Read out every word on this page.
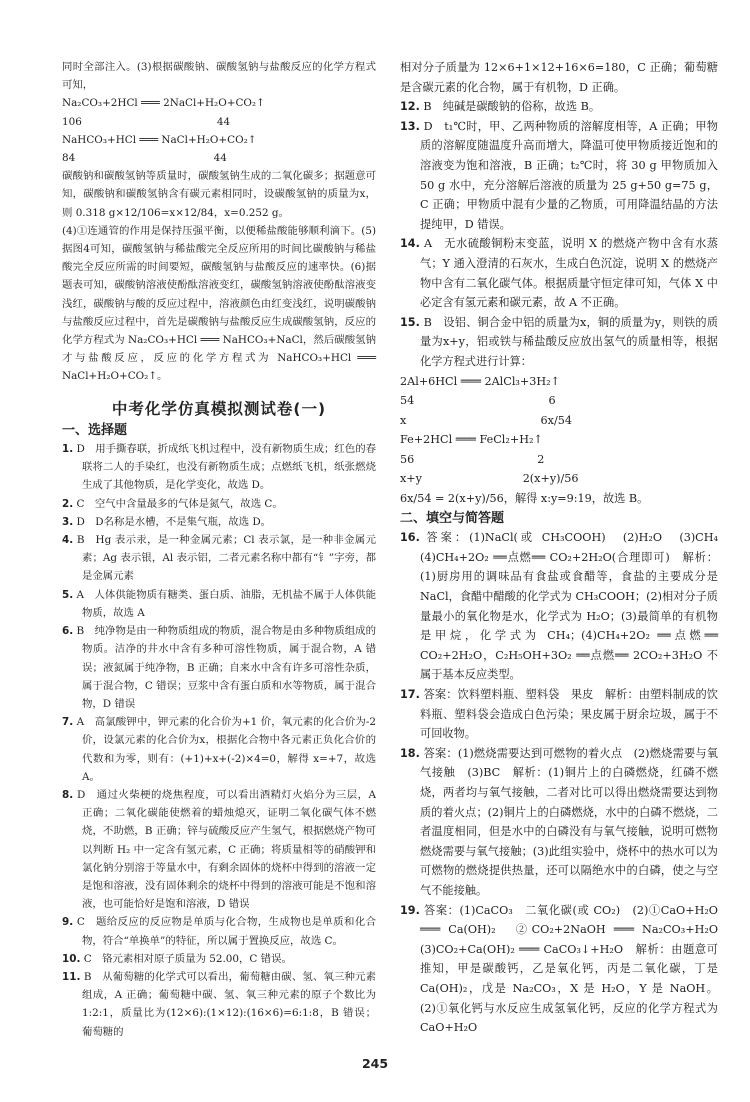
同时全部注入。(3)根据碳酸钠、碳酸氢钠与盐酸反应的化学方程式可知，

Na₂CO₃+2HCl ═══ 2NaCl+H₂O+CO₂↑

106　　　　　　　　　　　　　44

NaHCO₃+HCl ═══ NaCl+H₂O+CO₂↑

84　　　　　　　　　　　　　 44

碳酸钠和碳酸氢钠等质量时，碳酸氢钠生成的二氧化碳多；据题意可知，碳酸钠和碳酸氢钠含有碳元素相同时，设碳酸氢钠的质量为x，则 0.318 g×12/106=x×12/84，x=0.252 g。

(4)①连通管的作用是保持压强平衡，以便稀盐酸能够顺利滴下。(5)据图4可知，碳酸氢钠与稀盐酸完全反应所用的时间比碳酸钠与稀盐酸完全反应所需的时间要短，碳酸氢钠与盐酸反应的速率快。(6)据题表可知，碳酸钠溶液使酚酞溶液变红，碳酸氢钠溶液使酚酞溶液变浅红，碳酸钠与酸的反应过程中，溶液颜色由红变浅红，说明碳酸钠与盐酸反应过程中，首先是碳酸钠与盐酸反应生成碳酸氢钠，反应的化学方程式为 Na₂CO₃+HCl ═══ NaHCO₃+NaCl，然后碳酸氢钠才与盐酸反应，反应的化学方程式为 NaHCO₃+HCl ═══ NaCl+H₂O+CO₂↑。

中考化学仿真模拟测试卷(一)

一、选择题

1. D　用手撕春联，折成纸飞机过程中，没有新物质生成；红色的春联将二人的手染红，也没有新物质生成；点燃纸飞机，纸张燃烧生成了其他物质，是化学变化，故选 D。

2. C　空气中含量最多的气体是氮气，故选 C。

3. D　D名称是水槽，不是集气瓶，故选 D。

4. B　Hg 表示汞，是一种金属元素；Cl 表示氯，是一种非金属元素；Ag 表示银，Al 表示铝，二者元素名称中都有“钅”字旁，都是金属元素

5. A　人体供能物质有糖类、蛋白质、油脂，无机盐不属于人体供能物质，故选 A

6. B　纯净物是由一种物质组成的物质，混合物是由多种物质组成的物质。洁净的井水中含有多种可溶性物质，属于混合物，A 错误；液氮属于纯净物，B 正确；自来水中含有许多可溶性杂质，属于混合物，C 错误；豆浆中含有蛋白质和水等物质，属于混合物，D 错误

7. A　高氯酸钾中，钾元素的化合价为+1 价，氧元素的化合价为-2 价，设氯元素的化合价为x，根据化合物中各元素正负化合价的代数和为零，则有：(+1)+x+(-2)×4=0，解得 x=+7，故选 A。

8. D　通过火柴梗的烧焦程度，可以看出酒精灯火焰分为三层，A 正确；二氧化碳能使燃着的蜡烛熄灭，证明二氧化碳气体不燃烧，不助燃，B 正确；锌与硫酸反应产生氢气，根据燃烧产物可以判断 H₂ 中一定含有氢元素，C 正确；将质量相等的硝酸钾和氯化钠分别溶于等量水中，有剩余固体的烧杯中得到的溶液一定是饱和溶液，没有固体剩余的烧杯中得到的溶液可能是不饱和溶液，也可能恰好是饱和溶液，D 错误

9. C　题给反应的反应物是单质与化合物，生成物也是单质和化合物，符合“单换单”的特征，所以属于置换反应，故选 C。

10. C　铬元素相对原子质量为 52.00，C 错误。

11. B　从葡萄糖的化学式可以看出，葡萄糖由碳、氢、氧三种元素组成，A 正确；葡萄糖中碳、氢、氧三种元素的原子个数比为 1:2:1，质量比为(12×6):(1×12):(16×6)=6:1:8，B 错误；葡萄糖的

相对分子质量为 12×6+1×12+16×6=180，C 正确；葡萄糖是含碳元素的化合物，属于有机物，D 正确。

12. B　纯碱是碳酸钠的俗称，故选 B。

13. D　t₁℃时，甲、乙两种物质的溶解度相等，A 正确；甲物质的溶解度随温度升高而增大，降温可使甲物质接近饱和的溶液变为饱和溶液，B 正确；t₂℃时，将 30 g 甲物质加入 50 g 水中，充分溶解后溶液的质量为 25 g+50 g=75 g，C 正确；甲物质中混有少量的乙物质，可用降温结晶的方法提纯甲，D 错误。

14. A　无水硫酸铜粉末变蓝，说明 X 的燃烧产物中含有水蒸气；Y 通入澄清的石灰水，生成白色沉淀，说明 X 的燃烧产物中含有二氧化碳气体。根据质量守恒定律可知，气体 X 中必定含有氢元素和碳元素，故 A 不正确。

15. B　设铝、铜合金中铝的质量为x，铜的质量为y，则铁的质量为x+y，铝或铁与稀盐酸反应放出氢气的质量相等，根据化学方程式进行计算：

2Al+6HCl ═══ 2AlCl₃+3H₂↑

54　　　　　　　　　　　　6

x　　　　　　　　　　　　6x/54

Fe+2HCl ═══ FeCl₂+H₂↑

56　　　　　　　　　　　2

x+y　　　　　　　　　2(x+y)/56

6x/54 = 2(x+y)/56，解得 x:y=9:19，故选 B。

二、填空与简答题

16. 答案：(1)NaCl(或 CH₃COOH)　(2)H₂O　(3)CH₄　(4)CH₄+2O₂ ══点燃══ CO₂+2H₂O(合理即可)　解析：(1)厨房用的调味品有食盐或食醋等，食盐的主要成分是 NaCl，食醋中醋酸的化学式为 CH₃COOH；(2)相对分子质量最小的氧化物是水，化学式为 H₂O；(3)最简单的有机物是甲烷，化学式为 CH₄；(4)CH₄+2O₂ ══点燃══ CO₂+2H₂O，C₂H₅OH+3O₂ ══点燃══ 2CO₂+3H₂O 不属于基本反应类型。

17. 答案：饮料塑料瓶、塑料袋　果皮　解析：由塑料制成的饮料瓶、塑料袋会造成白色污染；果皮属于厨余垃圾，属于不可回收物。

18. 答案：(1)燃烧需要达到可燃物的着火点　(2)燃烧需要与氧气接触　(3)BC　解析：(1)铜片上的白磷燃烧，红磷不燃烧，两者均与氧气接触，二者对比可以得出燃烧需要达到物质的着火点；(2)铜片上的白磷燃烧，水中的白磷不燃烧，二者温度相同，但是水中的白磷没有与氧气接触，说明可燃物燃烧需要与氧气接触；(3)此组实验中，烧杯中的热水可以为可燃物的燃烧提供热量，还可以隔绝水中的白磷，使之与空气不能接触。

19. 答案：(1)CaCO₃　二氧化碳(或 CO₂)　(2)①CaO+H₂O ═══ Ca(OH)₂　②CO₂+2NaOH ═══ Na₂CO₃+H₂O　(3)CO₂+Ca(OH)₂ ═══ CaCO₃↓+H₂O　解析：由题意可推知，甲是碳酸钙，乙是氧化钙，丙是二氧化碳，丁是 Ca(OH)₂，戊是 Na₂CO₃，X 是 H₂O，Y 是 NaOH。(2)①氧化钙与水反应生成氢氧化钙，反应的化学方程式为 CaO+H₂O

245
